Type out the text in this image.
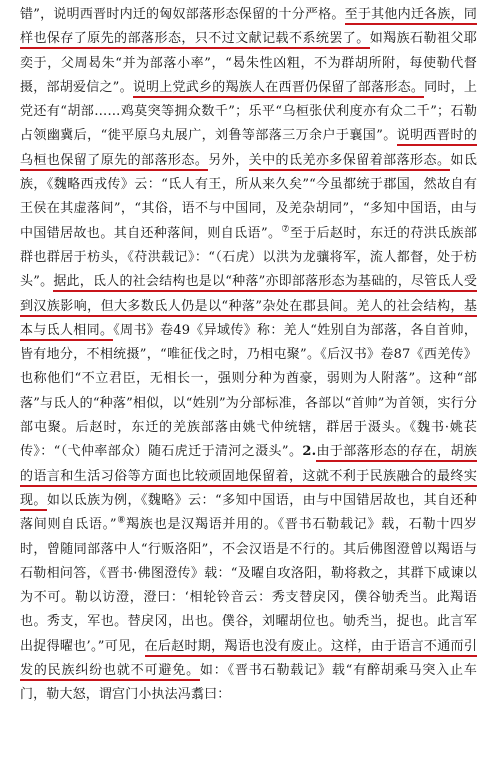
错”，说明西晋时内迁的匈奴部落形态保留的十分严格。至于其他内迁各族，同样也保存了原先的部落形态，只不过文献记载不系统罢了。如羯族石勒祖父耶奕于，父周曷朱“并为部落小率”，“曷朱性凶粗，不为群胡所附，每使勒代督摄，部胡爱信之”。说明上党武乡的羯族人在西晋仍保留了部落形态。同时，上党还有“胡部……鸡莫突等拥众数千”；乐平“乌桓张伏利度亦有众二千”；石勒占领幽冀后，“徙平原乌丸展广，刘鲁等部落三万余户于襄国”。说明西晋时的乌桓也保留了原先的部落形态。另外，关中的氐羌亦多保留着部落形态。如氐族，《魏略西戎传》云：“氐人有王，所从来久矣”“今虽都统于郡国，然故自有王侯在其虚落间”，“其俗，语不与中国同，及羌杂胡同”，“多知中国语，由与中国错居故也。其自还种落间，则自氐语”。⑦至于后赵时，东迁的苻洪氐族部群也群居于枋头，《苻洪载记》：“（石虎）以洪为龙骧将军，流人都督，处于枋头”。据此，氐人的社会结构也是以“种落”亦即部落形态为基础的，尽管氐人受到汉族影响，但大多数氐人仍是以“种落”杂处在郡县间。羌人的社会结构，基本与氐人相同。《周书》卷49《异域传》称：羌人“姓别自为部落，各自首帅，皆有地分，不相统摄”，“唯征伐之时，乃相屯聚”。《后汉书》卷87《西羌传》也称他们“不立君臣，无相长一，强则分种为酋豪，弱则为人附落”。这种“部落”与氐人的“种落”相似，以“姓别”为分部标准，各部以“首帅”为首领，实行分部屯聚。后赵时，东迁的羌族部落由姚弋仲统辖，群居于滠头。《魏书·姚苌传》：“（弋仲率部众）随石虎迁于清河之滠头”。2.由于部落形态的存在，胡族的语言和生活习俗等方面也比较顽固地保留着，这就不利于民族融合的最终实现。如以氐族为例，《魏略》云：“多知中国语，由与中国错居故也，其自还种落间则自氐语。”⑧羯族也是汉羯语并用的。《晋书石勒载记》载，石勒十四岁时，曾随同部落中人“行贩洛阳”，不会汉语是不行的。其后佛图澄曾以羯语与石勒相问答，《晋书·佛图澄传》载：“及曜自攻洛阳，勒将救之，其群下咸谏以为不可。勒以访澄，澄曰：‘相轮铃音云：秀支替戾冈，僕谷劬秃当。此羯语也。秀支，军也。替戾冈，出也。僕谷，刘曜胡位也。劬秃当，捉也。此言军出捉得曜也’。”可见，在后赵时期，羯语也没有废止。这样，由于语言不通而引发的民族纠纷也就不可避免。如：《晋书石勒载记》载“有醉胡乘马突入止车门，勒大怒，谓宫门小执法冯翥曰：
